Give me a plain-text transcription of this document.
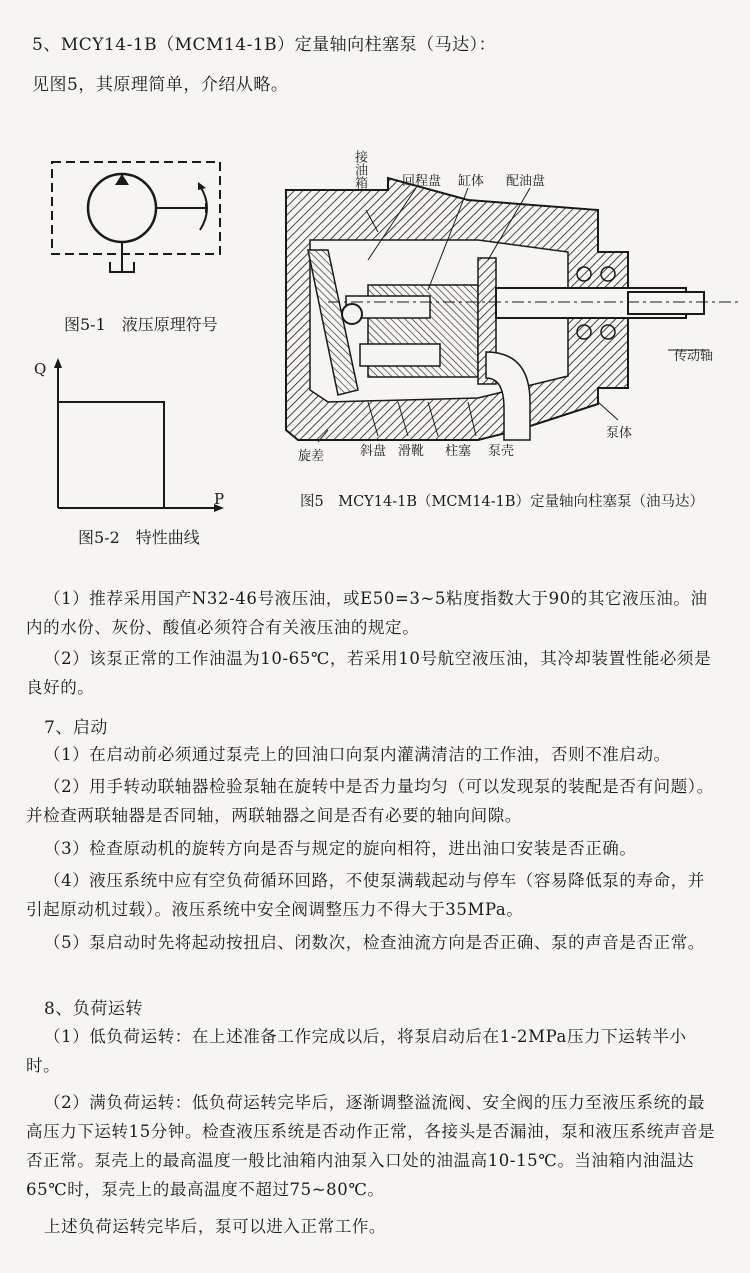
5、MCY14-1B（MCM14-1B）定量轴向柱塞泵（马达）：
见图5，其原理简单，介绍从略。
图5-1　液压原理符号
Q
P
图5-2　特性曲线
接油箱	回程盘 缸体 配油盘
传动轴
泵体
旋差	斜盘 滑靴 柱塞 泵壳
图5　MCY14-1B（MCM14-1B）定量轴向柱塞泵（油马达）
（1）推荐采用国产N32-46号液压油，或E50=3~5粘度指数大于90的其它液压油。油内的水份、灰份、酸值必须符合有关液压油的规定。
（2）该泵正常的工作油温为10-65℃，若采用10号航空液压油，其冷却装置性能必须是良好的。
7、启动
（1）在启动前必须通过泵壳上的回油口向泵内灌满清洁的工作油，否则不准启动。
（2）用手转动联轴器检验泵轴在旋转中是否力量均匀（可以发现泵的装配是否有问题）。并检查两联轴器是否同轴，两联轴器之间是否有必要的轴向间隙。
（3）检查原动机的旋转方向是否与规定的旋向相符，进出油口安装是否正确。
（4）液压系统中应有空负荷循环回路，不使泵满载起动与停车（容易降低泵的寿命，并引起原动机过载）。液压系统中安全阀调整压力不得大于35MPa。
（5）泵启动时先将起动按扭启、闭数次，检查油流方向是否正确、泵的声音是否正常。
8、负荷运转
（1）低负荷运转：在上述准备工作完成以后，将泵启动后在1-2MPa压力下运转半小时。
（2）满负荷运转：低负荷运转完毕后，逐渐调整溢流阀、安全阀的压力至液压系统的最高压力下运转15分钟。检查液压系统是否动作正常，各接头是否漏油，泵和液压系统声音是否正常。泵壳上的最高温度一般比油箱内油泵入口处的油温高10-15℃。当油箱内油温达65℃时，泵壳上的最高温度不超过75~80℃。
上述负荷运转完毕后，泵可以进入正常工作。
